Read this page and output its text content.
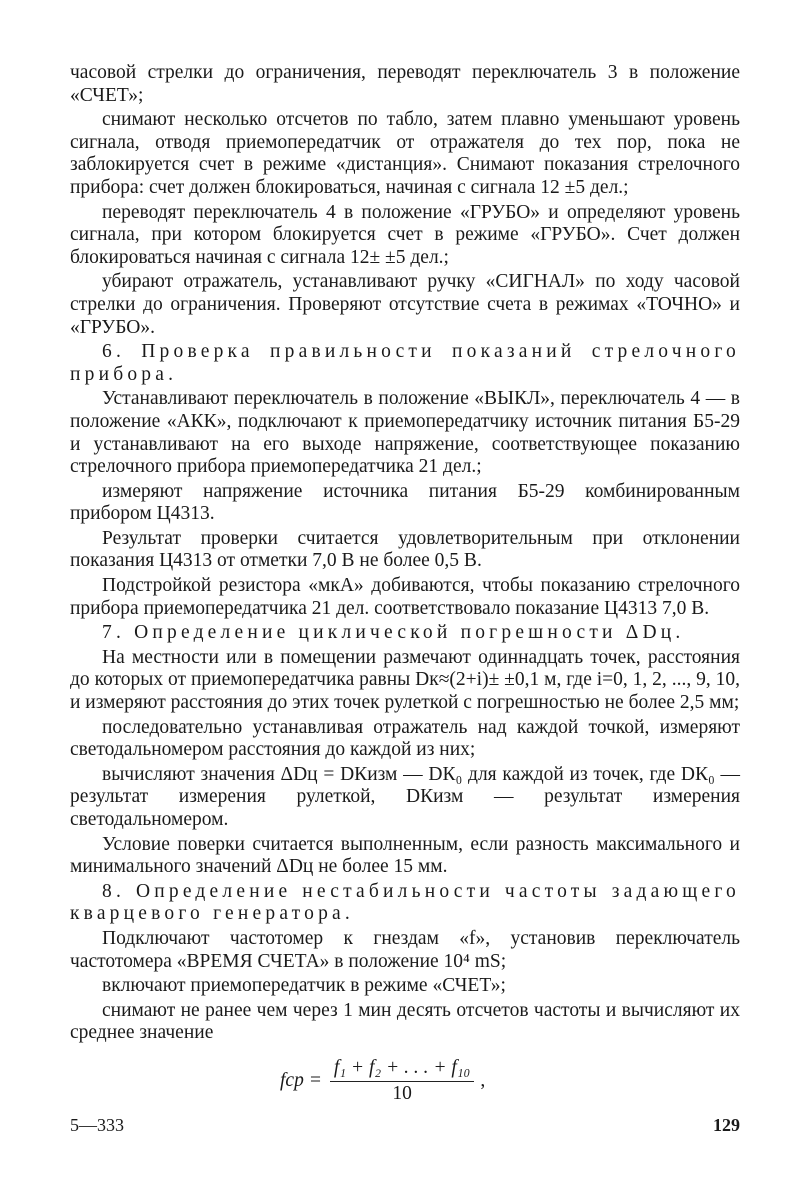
часовой стрелки до ограничения, переводят переключатель 3 в положение «СЧЕТ»;

снимают несколько отсчетов по табло, затем плавно уменьшают уровень сигнала, отводя приемопередатчик от отражателя до тех пор, пока не заблокируется счет в режиме «дистанция». Снимают показания стрелочного прибора: счет должен блокироваться, начиная с сигнала 12 ±5 дел.;

переводят переключатель 4 в положение «ГРУБО» и определяют уровень сигнала, при котором блокируется счет в режиме «ГРУБО». Счет должен блокироваться начиная с сигнала 12± ±5 дел.;

убирают отражатель, устанавливают ручку «СИГНАЛ» по ходу часовой стрелки до ограничения. Проверяют отсутствие счета в режимах «ТОЧНО» и «ГРУБО».

6. Проверка правильности показаний стрелочного прибора.

Устанавливают переключатель в положение «ВЫКЛ», переключатель 4 — в положение «АКК», подключают к приемопередатчику источник питания Б5-29 и устанавливают на его выходе напряжение, соответствующее показанию стрелочного прибора приемопередатчика 21 дел.;

измеряют напряжение источника питания Б5-29 комбинированным прибором Ц4313.

Результат проверки считается удовлетворительным при отклонении показания Ц4313 от отметки 7,0 В не более 0,5 В.

Подстройкой резистора «мкА» добиваются, чтобы показанию стрелочного прибора приемопередатчика 21 дел. соответствовало показание Ц4313 7,0 В.

7. Определение циклической погрешности ΔDц.

На местности или в помещении размечают одиннадцать точек, расстояния до которых от приемопередатчика равны Dк≈(2+i)± ±0,1 м, где i=0, 1, 2, ..., 9, 10, и измеряют расстояния до этих точек рулеткой с погрешностью не более 2,5 мм;

последовательно устанавливая отражатель над каждой точкой, измеряют светодальномером расстояния до каждой из них;

вычисляют значения ΔDц = DКизм — DК₀ для каждой из точек, где DК₀ — результат измерения рулеткой, DКизм — результат измерения светодальномером.

Условие поверки считается выполненным, если разность максимального и минимального значений ΔDц не более 15 мм.

8. Определение нестабильности частоты задающего кварцевого генератора.

Подключают частотомер к гнездам «f», установив переключатель частотомера «ВРЕМЯ СЧЕТА» в положение 10⁴ mS;

включают приемопередатчик в режиме «СЧЕТ»;

снимают не ранее чем через 1 мин десять отсчетов частоты и вычисляют их среднее значение

fср = $\frac{\text{f₁ + f₂ + . . . + f₁₀}}{10}$ ,
5—333	129
